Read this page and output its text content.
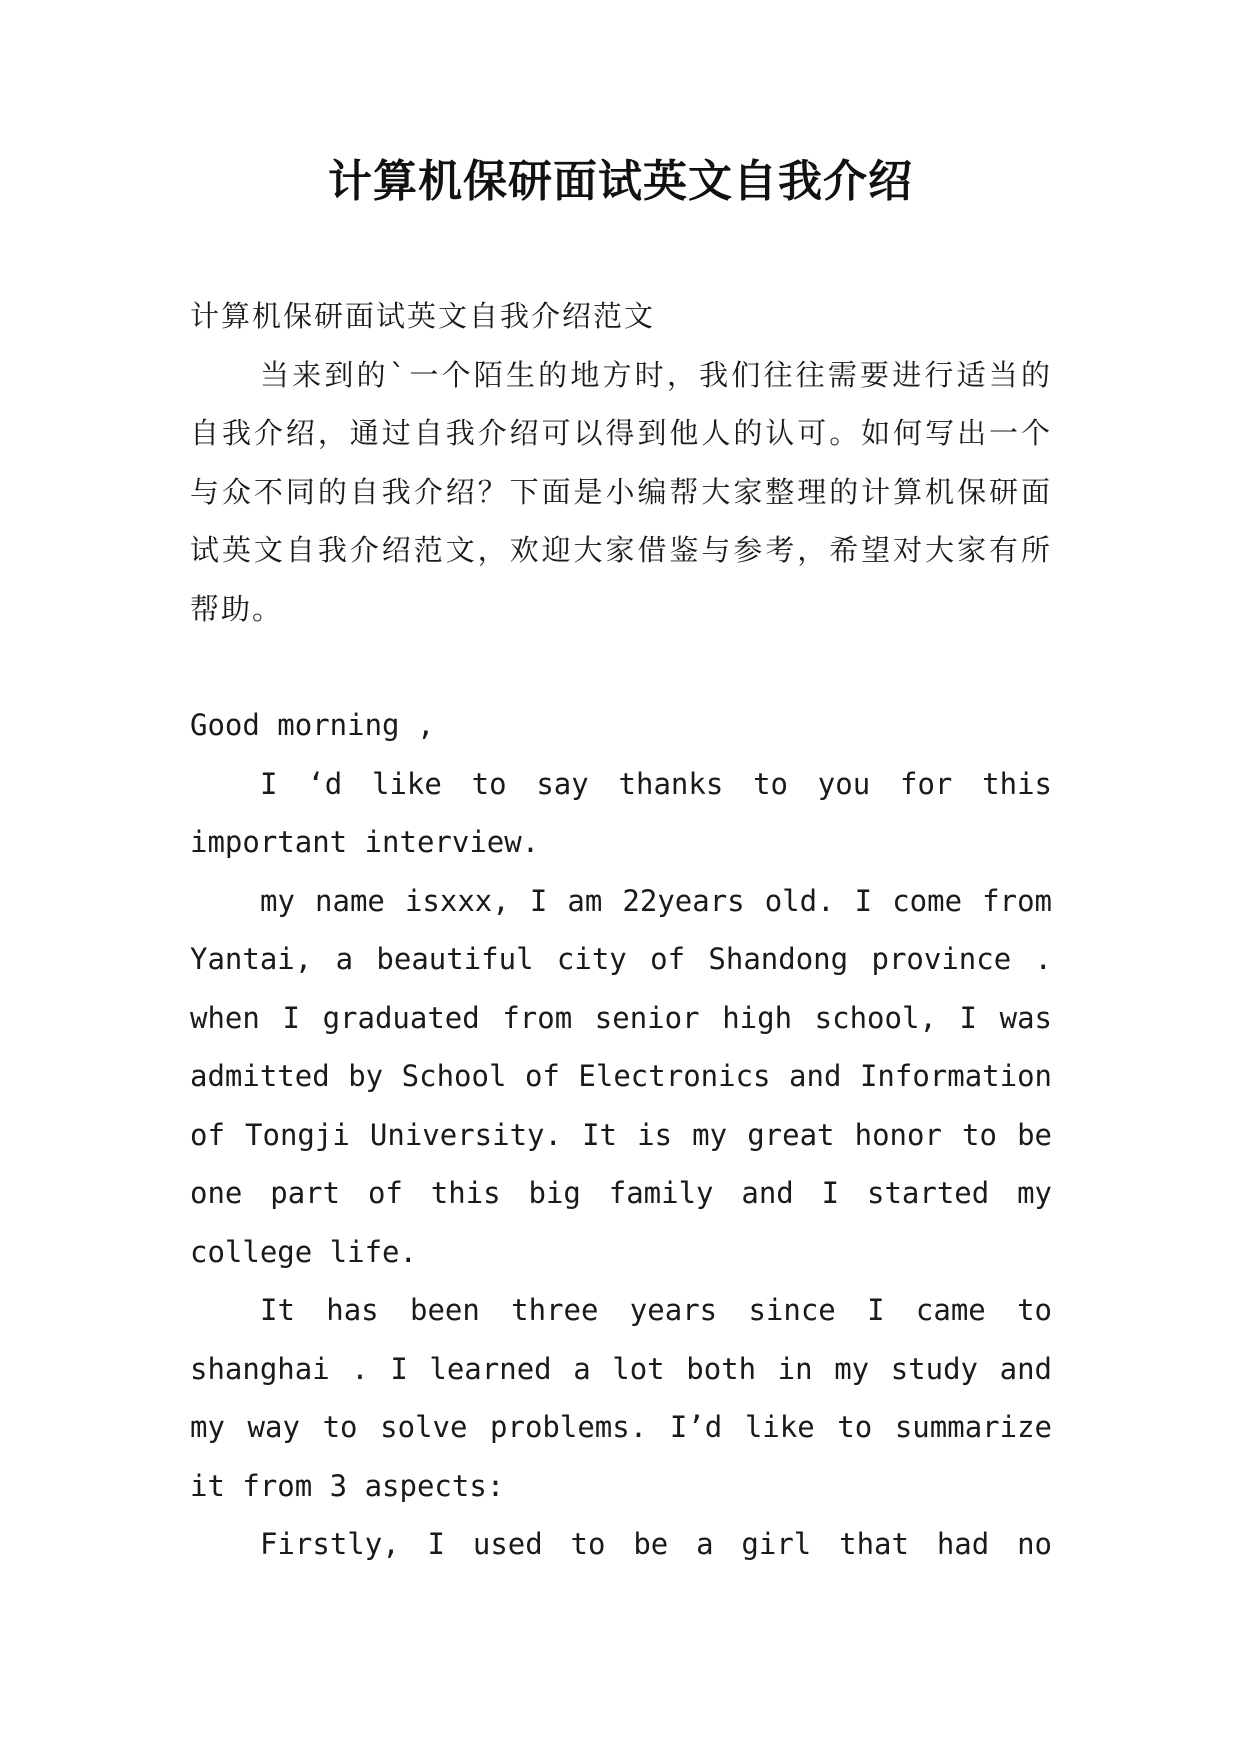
计算机保研面试英文自我介绍

计算机保研面试英文自我介绍范文

当来到的`一个陌生的地方时，我们往往需要进行适当的自我介绍，通过自我介绍可以得到他人的认可。如何写出一个与众不同的自我介绍？下面是小编帮大家整理的计算机保研面试英文自我介绍范文，欢迎大家借鉴与参考，希望对大家有所帮助。

Good morning ,

I ‘d like to say thanks to you for this important interview.

my name isxxx, I am 22years old. I come from Yantai, a beautiful city of Shandong province . when I graduated from senior high school, I was admitted by School of Electronics and Information of Tongji University. It is my great honor to be one part of this big family and I started my college life.

It has been three years since I came to shanghai . I learned a lot both in my study and my way to solve problems. I’d like to summarize it from 3 aspects:

Firstly, I used to be a girl that had no
